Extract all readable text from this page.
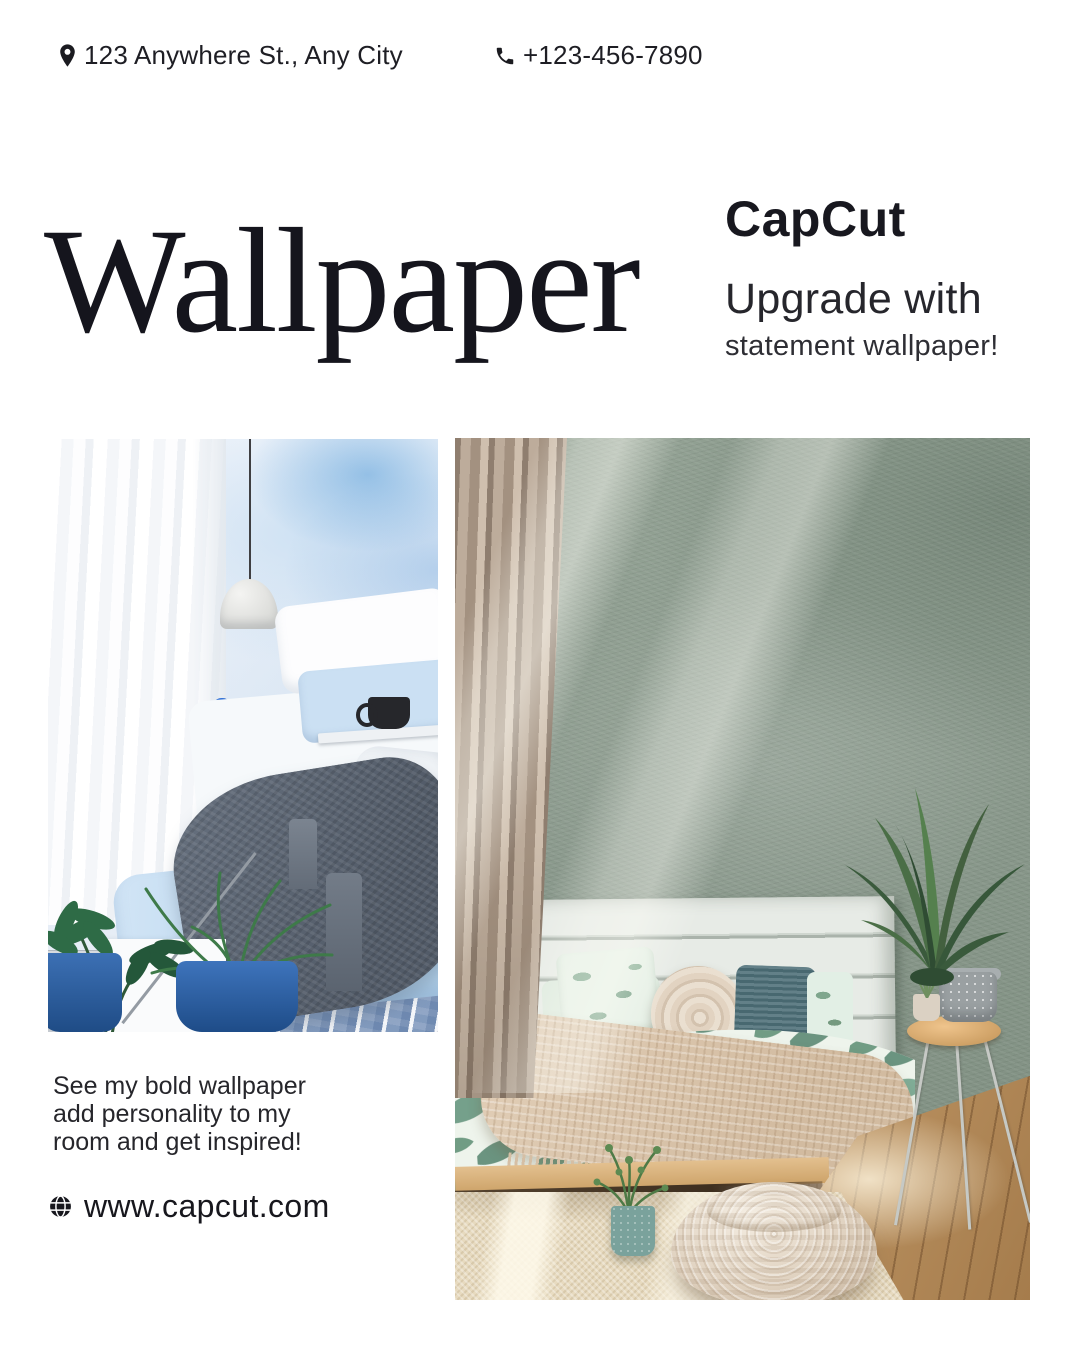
123 Anywhere St., Any City	+123-456-7890
Wallpaper CapCut
Upgrade with
statement wallpaper!

See my bold wallpaper
add personality to my
room and get inspired!

www.capcut.com
